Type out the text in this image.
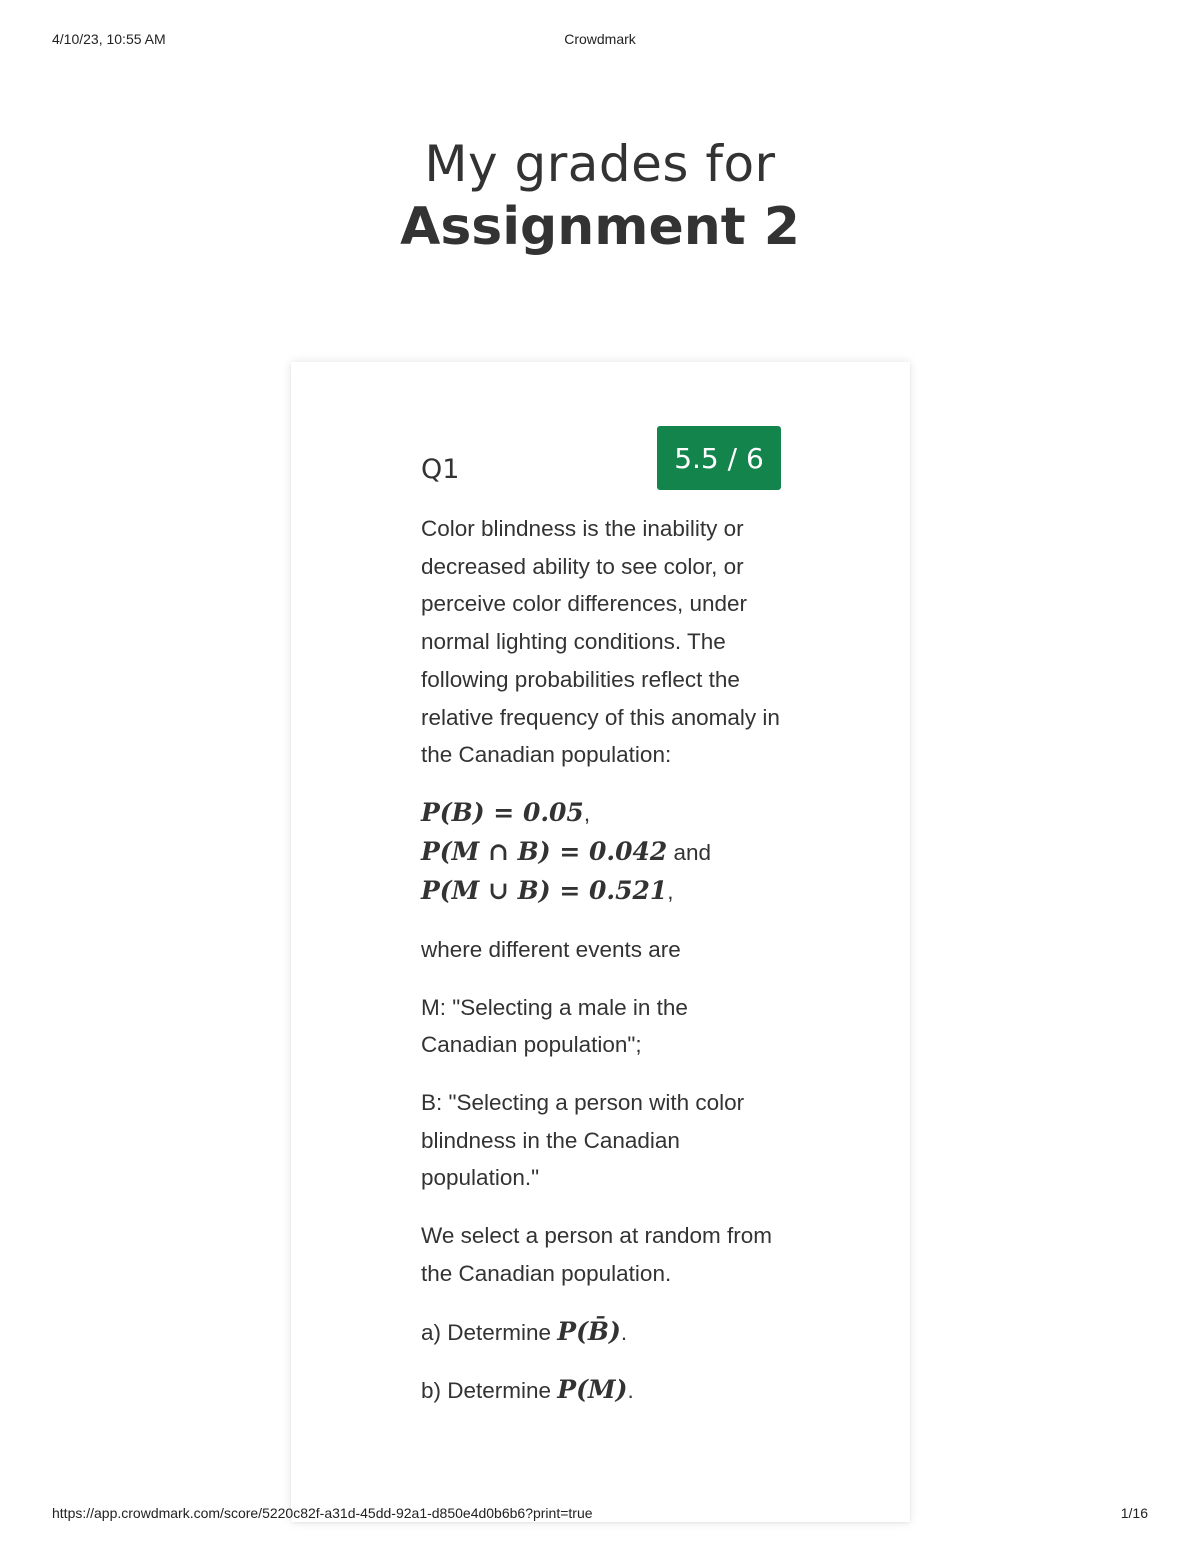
4/10/23, 10:55 AM	Crowdmark
My grades for
Assignment 2
Q1	5.5 / 6

Color blindness is the inability or decreased ability to see color, or perceive color differences, under normal lighting conditions. The following probabilities reflect the relative frequency of this anomaly in the Canadian population:

P(B) = 0.05,
P(M ∩ B) = 0.042 and
P(M ∪ B) = 0.521,

where different events are

M: "Selecting a male in the Canadian population";

B: "Selecting a person with color blindness in the Canadian population."

We select a person at random from the Canadian population.

a) Determine P(B̄).

b) Determine P(M).

https://app.crowdmark.com/score/5220c82f-a31d-45dd-92a1-d850e4d0b6b6?print=true	1/16
